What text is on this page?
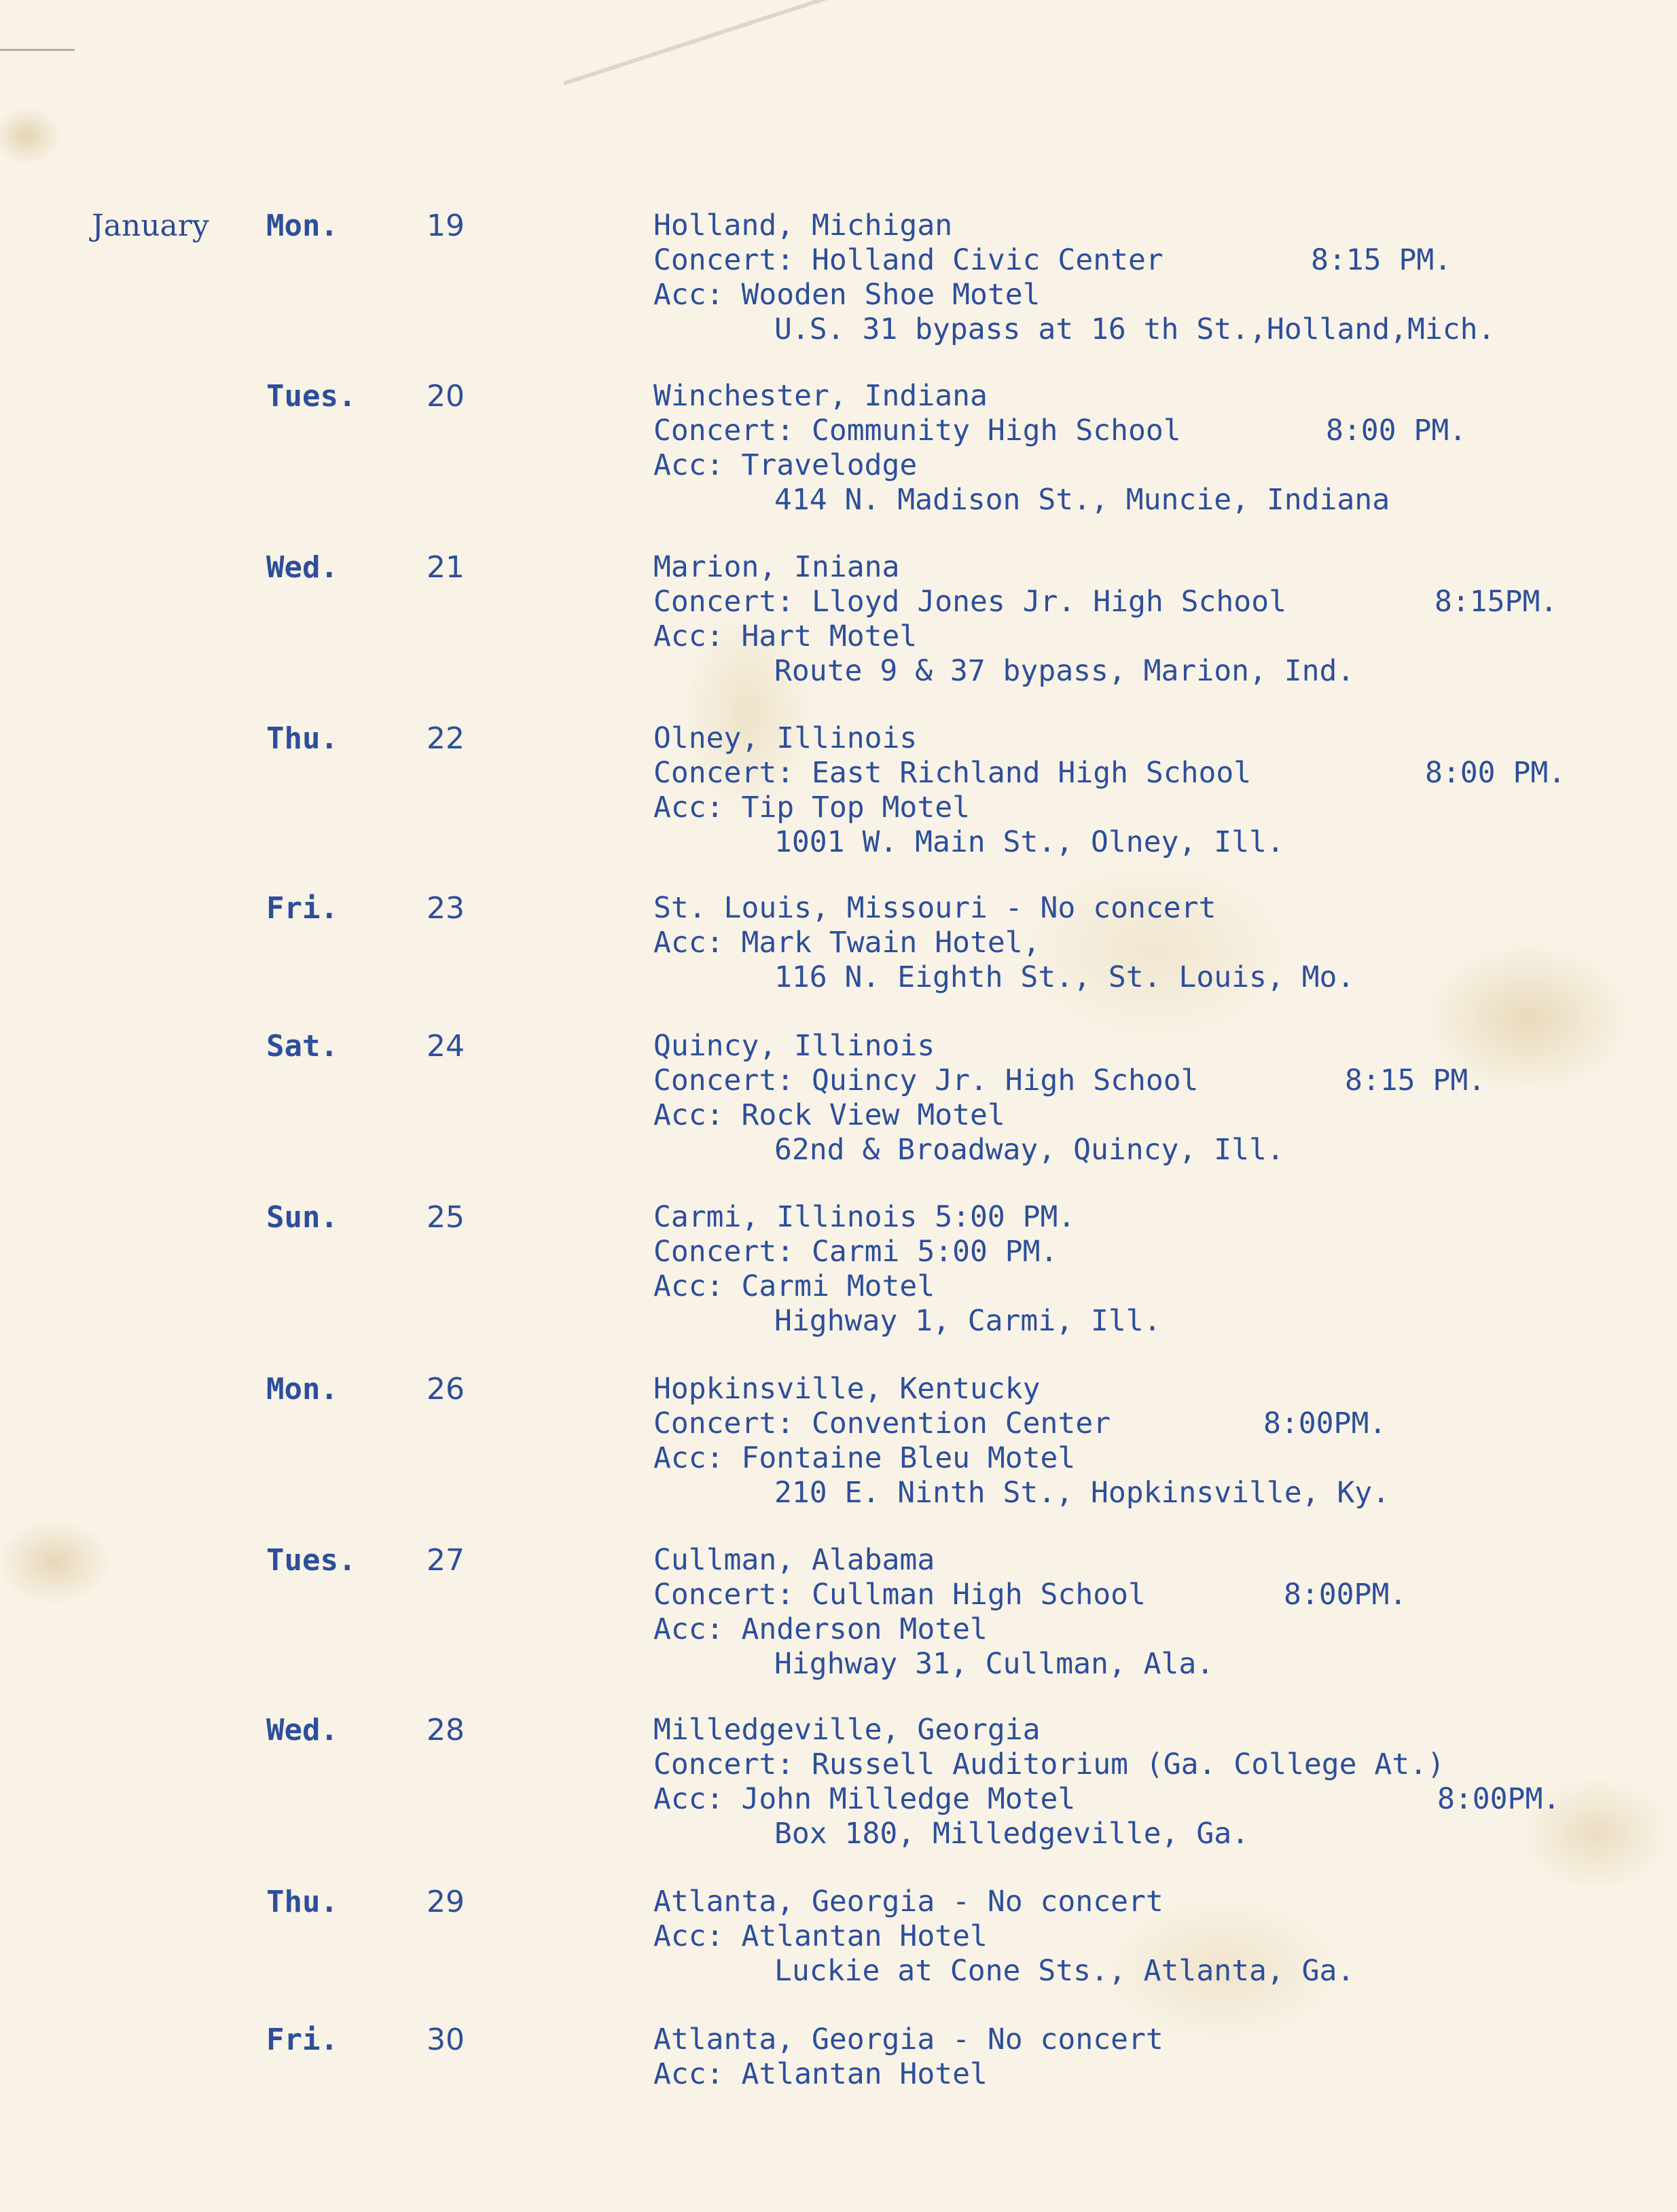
January Mon.	19	Holland, Michigan
Concert: Holland Civic Center	8:15 PM.
Acc: Wooden Shoe Motel
U.S. 31 bypass at 16 th St.,Holland,Mich.
Tues. 20	Winchester, Indiana
Concert: Community High School	8:00 PM.
Acc: Travelodge
414 N. Madison St., Muncie, Indiana
Wed.	21	Marion, Iniana
Concert: Lloyd Jones Jr. High School	8:15PM.
Acc: Hart Motel
Route 9 & 37 bypass, Marion, Ind.
Thu.	22	Olney, Illinois
Concert: East Richland High School	8:00 PM.
Acc: Tip Top Motel
1001 W. Main St., Olney, Ill.
Fri.	23	St. Louis, Missouri - No concert
Acc: Mark Twain Hotel,
116 N. Eighth St., St. Louis, Mo.
Sat.	24	Quincy, Illinois
Concert: Quincy Jr. High School	8:15 PM.
Acc: Rock View Motel
62nd & Broadway, Quincy, Ill.
Sun.	25	Carmi, Illinois 5:00 PM.
Concert: Carmi 5:00 PM.
Acc: Carmi Motel
Highway 1, Carmi, Ill.
Mon.	26	Hopkinsville, Kentucky
Concert: Convention Center	8:00PM.
Acc: Fontaine Bleu Motel
210 E. Ninth St., Hopkinsville, Ky.
Tues. 27	Cullman, Alabama
Concert: Cullman High School	8:00PM.
Acc: Anderson Motel
Highway 31, Cullman, Ala.
Wed.	28	Milledgeville, Georgia
Concert: Russell Auditorium (Ga. College At.)
Acc: John Milledge Motel	8:00PM.
Box 180, Milledgeville, Ga.
Thu.	29	Atlanta, Georgia - No concert
Acc: Atlantan Hotel
Luckie at Cone Sts., Atlanta, Ga.
Fri.	30	Atlanta, Georgia - No concert
Acc: Atlantan Hotel
